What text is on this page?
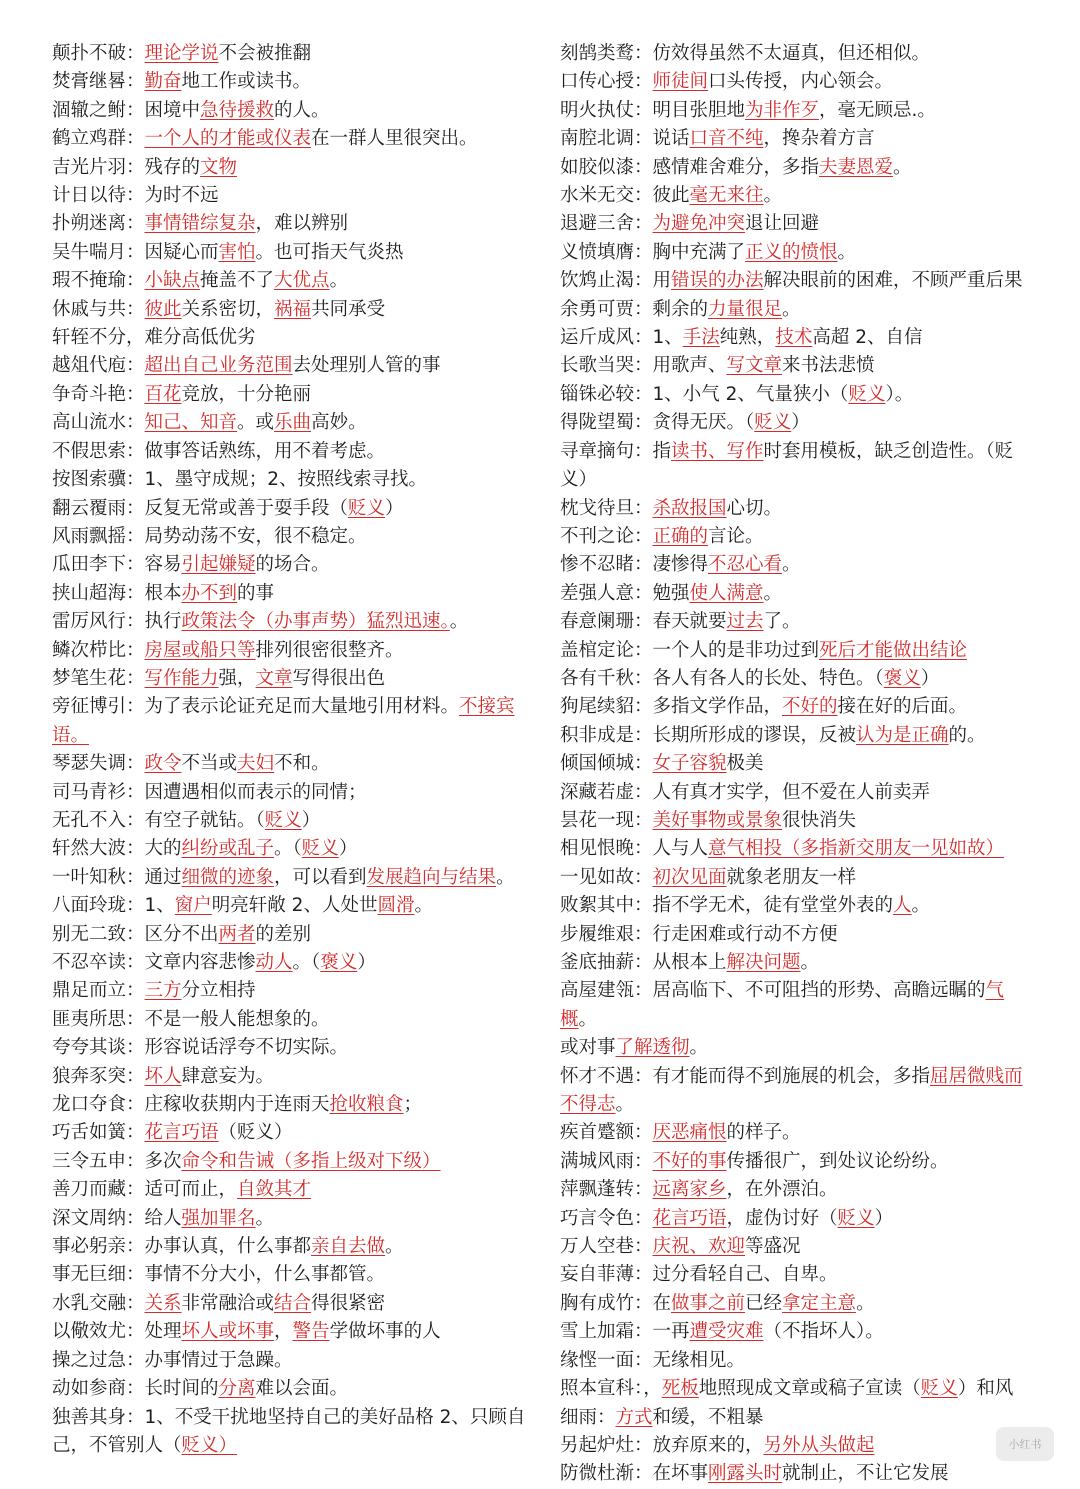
颠扑不破：理论学说不会被推翻
焚膏继晷：勤奋地工作或读书。
涸辙之鲋：困境中急待援救的人。
鹤立鸡群：一个人的才能或仪表在一群人里很突出。
吉光片羽：残存的文物
计日以待：为时不远
扑朔迷离：事情错综复杂，难以辨别
吴牛喘月：因疑心而害怕。也可指天气炎热
瑕不掩瑜：小缺点掩盖不了大优点。
休戚与共：彼此关系密切，祸福共同承受
轩轾不分，难分高低优劣
越俎代庖：超出自己业务范围去处理别人管的事
争奇斗艳：百花竞放，十分艳丽
高山流水：知己、知音。或乐曲高妙。
不假思索：做事答话熟练，用不着考虑。
按图索骥：1、墨守成规；2、按照线索寻找。
翻云覆雨：反复无常或善于耍手段（贬义）
风雨飘摇：局势动荡不安，很不稳定。
瓜田李下：容易引起嫌疑的场合。
挟山超海：根本办不到的事
雷厉风行：执行政策法令（办事声势）猛烈迅速。。
鳞次栉比：房屋或船只等排列很密很整齐。
梦笔生花：写作能力强，文章写得很出色
旁征博引：为了表示论证充足而大量地引用材料。不接宾语。
琴瑟失调：政令不当或夫妇不和。
司马青衫：因遭遇相似而表示的同情；
无孔不入：有空子就钻。（贬义）
轩然大波：大的纠纷或乱子。（贬义）
一叶知秋：通过细微的迹象，可以看到发展趋向与结果。
八面玲珑：1、窗户明亮轩敞 2、人处世圆滑。
别无二致：区分不出两者的差别
不忍卒读：文章内容悲惨动人。（褒义）
鼎足而立：三方分立相持
匪夷所思：不是一般人能想象的。
夸夸其谈：形容说话浮夸不切实际。
狼奔豕突：坏人肆意妄为。
龙口夺食：庄稼收获期内于连雨天抢收粮食；
巧舌如簧：花言巧语（贬义）
三令五申：多次命令和告诫（多指上级对下级）
善刀而藏：适可而止，自敛其才
深文周纳：给人强加罪名。
事必躬亲：办事认真，什么事都亲自去做。
事无巨细：事情不分大小，什么事都管。
水乳交融：关系非常融洽或结合得很紧密
以儆效尤：处理坏人或坏事，警告学做坏事的人
操之过急：办事情过于急躁。
动如参商：长时间的分离难以会面。
独善其身：1、不受干扰地坚持自己的美好品格 2、只顾自己，不管别人（贬义）
刻鹄类鹜：仿效得虽然不太逼真，但还相似。
口传心授：师徒间口头传授，内心领会。
明火执仗：明目张胆地为非作歹，毫无顾忌.。
南腔北调：说话口音不纯，搀杂着方言
如胶似漆：感情难舍难分，多指夫妻恩爱。
水米无交：彼此毫无来往。
退避三舍：为避免冲突退让回避
义愤填膺：胸中充满了正义的愤恨。
饮鸩止渴：用错误的办法解决眼前的困难，不顾严重后果
余勇可贾：剩余的力量很足。
运斤成风：1、手法纯熟，技术高超 2、自信
长歌当哭：用歌声、写文章来书法悲愤
锱铢必较：1、小气 2、气量狭小（贬义）。
得陇望蜀：贪得无厌。（贬义）
寻章摘句：指读书、写作时套用模板，缺乏创造性。（贬义）
枕戈待旦：杀敌报国心切。
不刊之论：正确的言论。
惨不忍睹：凄惨得不忍心看。
差强人意：勉强使人满意。
春意阑珊：春天就要过去了。
盖棺定论：一个人的是非功过到死后才能做出结论
各有千秋：各人有各人的长处、特色。（褒义）
狗尾续貂：多指文学作品，不好的接在好的后面。
积非成是：长期所形成的谬误，反被认为是正确的。
倾国倾城：女子容貌极美
深藏若虚：人有真才实学，但不爱在人前卖弄
昙花一现：美好事物或景象很快消失
相见恨晚：人与人意气相投（多指新交朋友一见如故）
一见如故：初次见面就象老朋友一样
败絮其中：指不学无术，徒有堂堂外表的人。
步履维艰：行走困难或行动不方便
釜底抽薪：从根本上解决问题。
高屋建瓴：居高临下、不可阻挡的形势、高瞻远瞩的气概。
或对事了解透彻。
怀才不遇：有才能而得不到施展的机会，多指屈居微贱而不得志。
疾首蹙额：厌恶痛恨的样子。
满城风雨：不好的事传播很广，到处议论纷纷。
萍飘蓬转：远离家乡，在外漂泊。
巧言令色：花言巧语，虚伪讨好（贬义）
万人空巷：庆祝、欢迎等盛况
妄自菲薄：过分看轻自己、自卑。
胸有成竹：在做事之前已经拿定主意。
雪上加霜：一再遭受灾难（不指坏人）。
缘悭一面：无缘相见。
照本宣科：，死板地照现成文章或稿子宣读（贬义）和风
细雨：方式和缓，不粗暴
另起炉灶：放弃原来的，另外从头做起
防微杜渐：在坏事刚露头时就制止，不让它发展
小红书
